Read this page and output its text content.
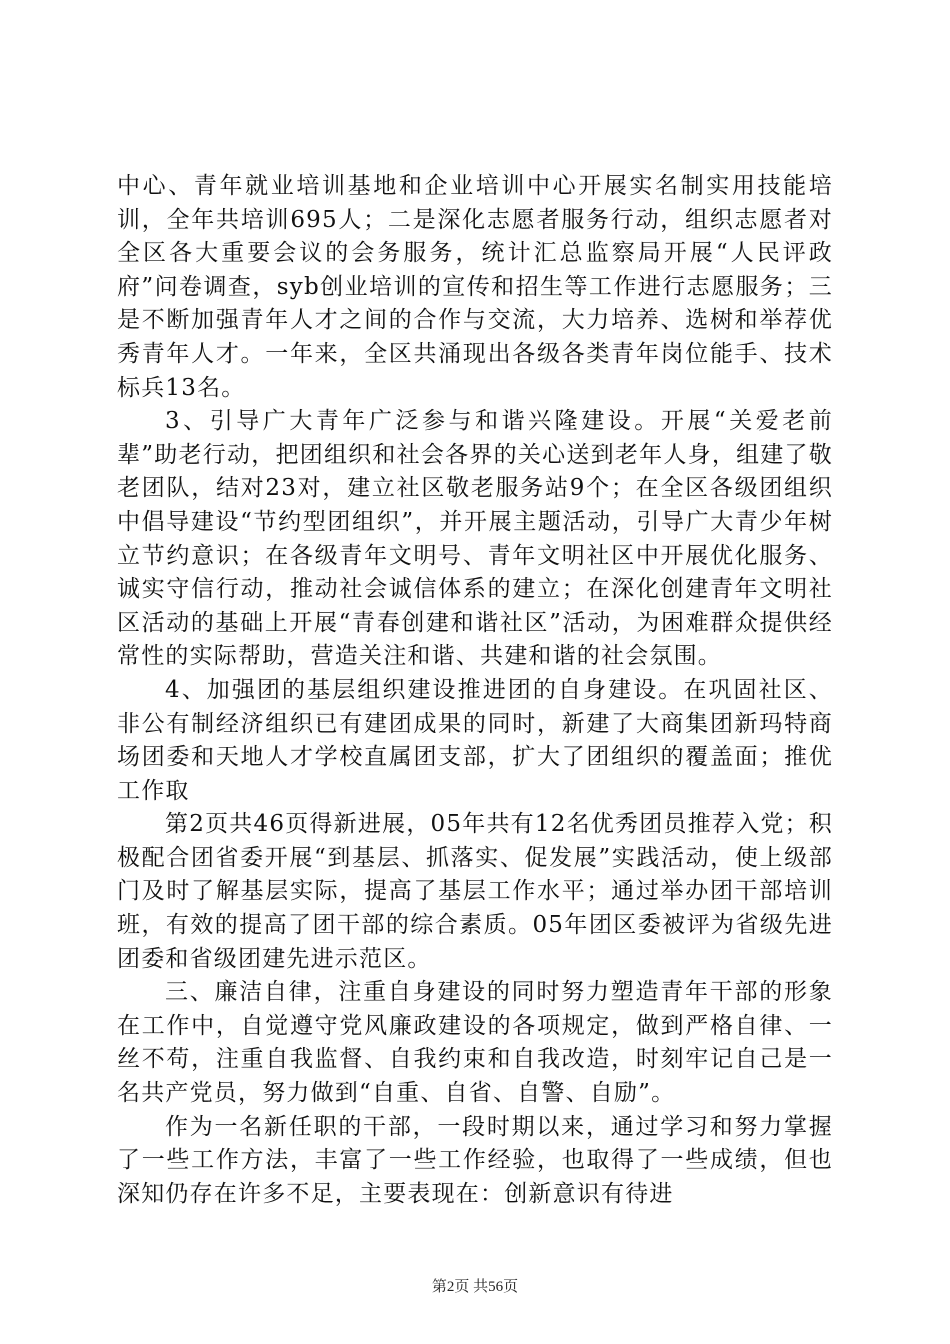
中心、青年就业培训基地和企业培训中心开展实名制实用技能培训，全年共培训695人；二是深化志愿者服务行动，组织志愿者对全区各大重要会议的会务服务，统计汇总监察局开展“人民评政府”问卷调查，syb创业培训的宣传和招生等工作进行志愿服务；三是不断加强青年人才之间的合作与交流，大力培养、选树和举荐优秀青年人才。一年来，全区共涌现出各级各类青年岗位能手、技术标兵13名。

3、引导广大青年广泛参与和谐兴隆建设。开展“关爱老前辈”助老行动，把团组织和社会各界的关心送到老年人身，组建了敬老团队，结对23对，建立社区敬老服务站9个；在全区各级团组织中倡导建设“节约型团组织”，并开展主题活动，引导广大青少年树立节约意识；在各级青年文明号、青年文明社区中开展优化服务、诚实守信行动，推动社会诚信体系的建立；在深化创建青年文明社区活动的基础上开展“青春创建和谐社区”活动，为困难群众提供经常性的实际帮助，营造关注和谐、共建和谐的社会氛围。

4、加强团的基层组织建设推进团的自身建设。在巩固社区、非公有制经济组织已有建团成果的同时，新建了大商集团新玛特商场团委和天地人才学校直属团支部，扩大了团组织的覆盖面；推优工作取

第2页共46页得新进展，05年共有12名优秀团员推荐入党；积极配合团省委开展“到基层、抓落实、促发展”实践活动，使上级部门及时了解基层实际，提高了基层工作水平；通过举办团干部培训班，有效的提高了团干部的综合素质。05年团区委被评为省级先进团委和省级团建先进示范区。

三、廉洁自律，注重自身建设的同时努力塑造青年干部的形象在工作中，自觉遵守党风廉政建设的各项规定，做到严格自律、一丝不苟，注重自我监督、自我约束和自我改造，时刻牢记自己是一名共产党员，努力做到“自重、自省、自警、自励”。

作为一名新任职的干部，一段时期以来，通过学习和努力掌握了一些工作方法，丰富了一些工作经验，也取得了一些成绩，但也深知仍存在许多不足，主要表现在：创新意识有待进

第2页 共56页
